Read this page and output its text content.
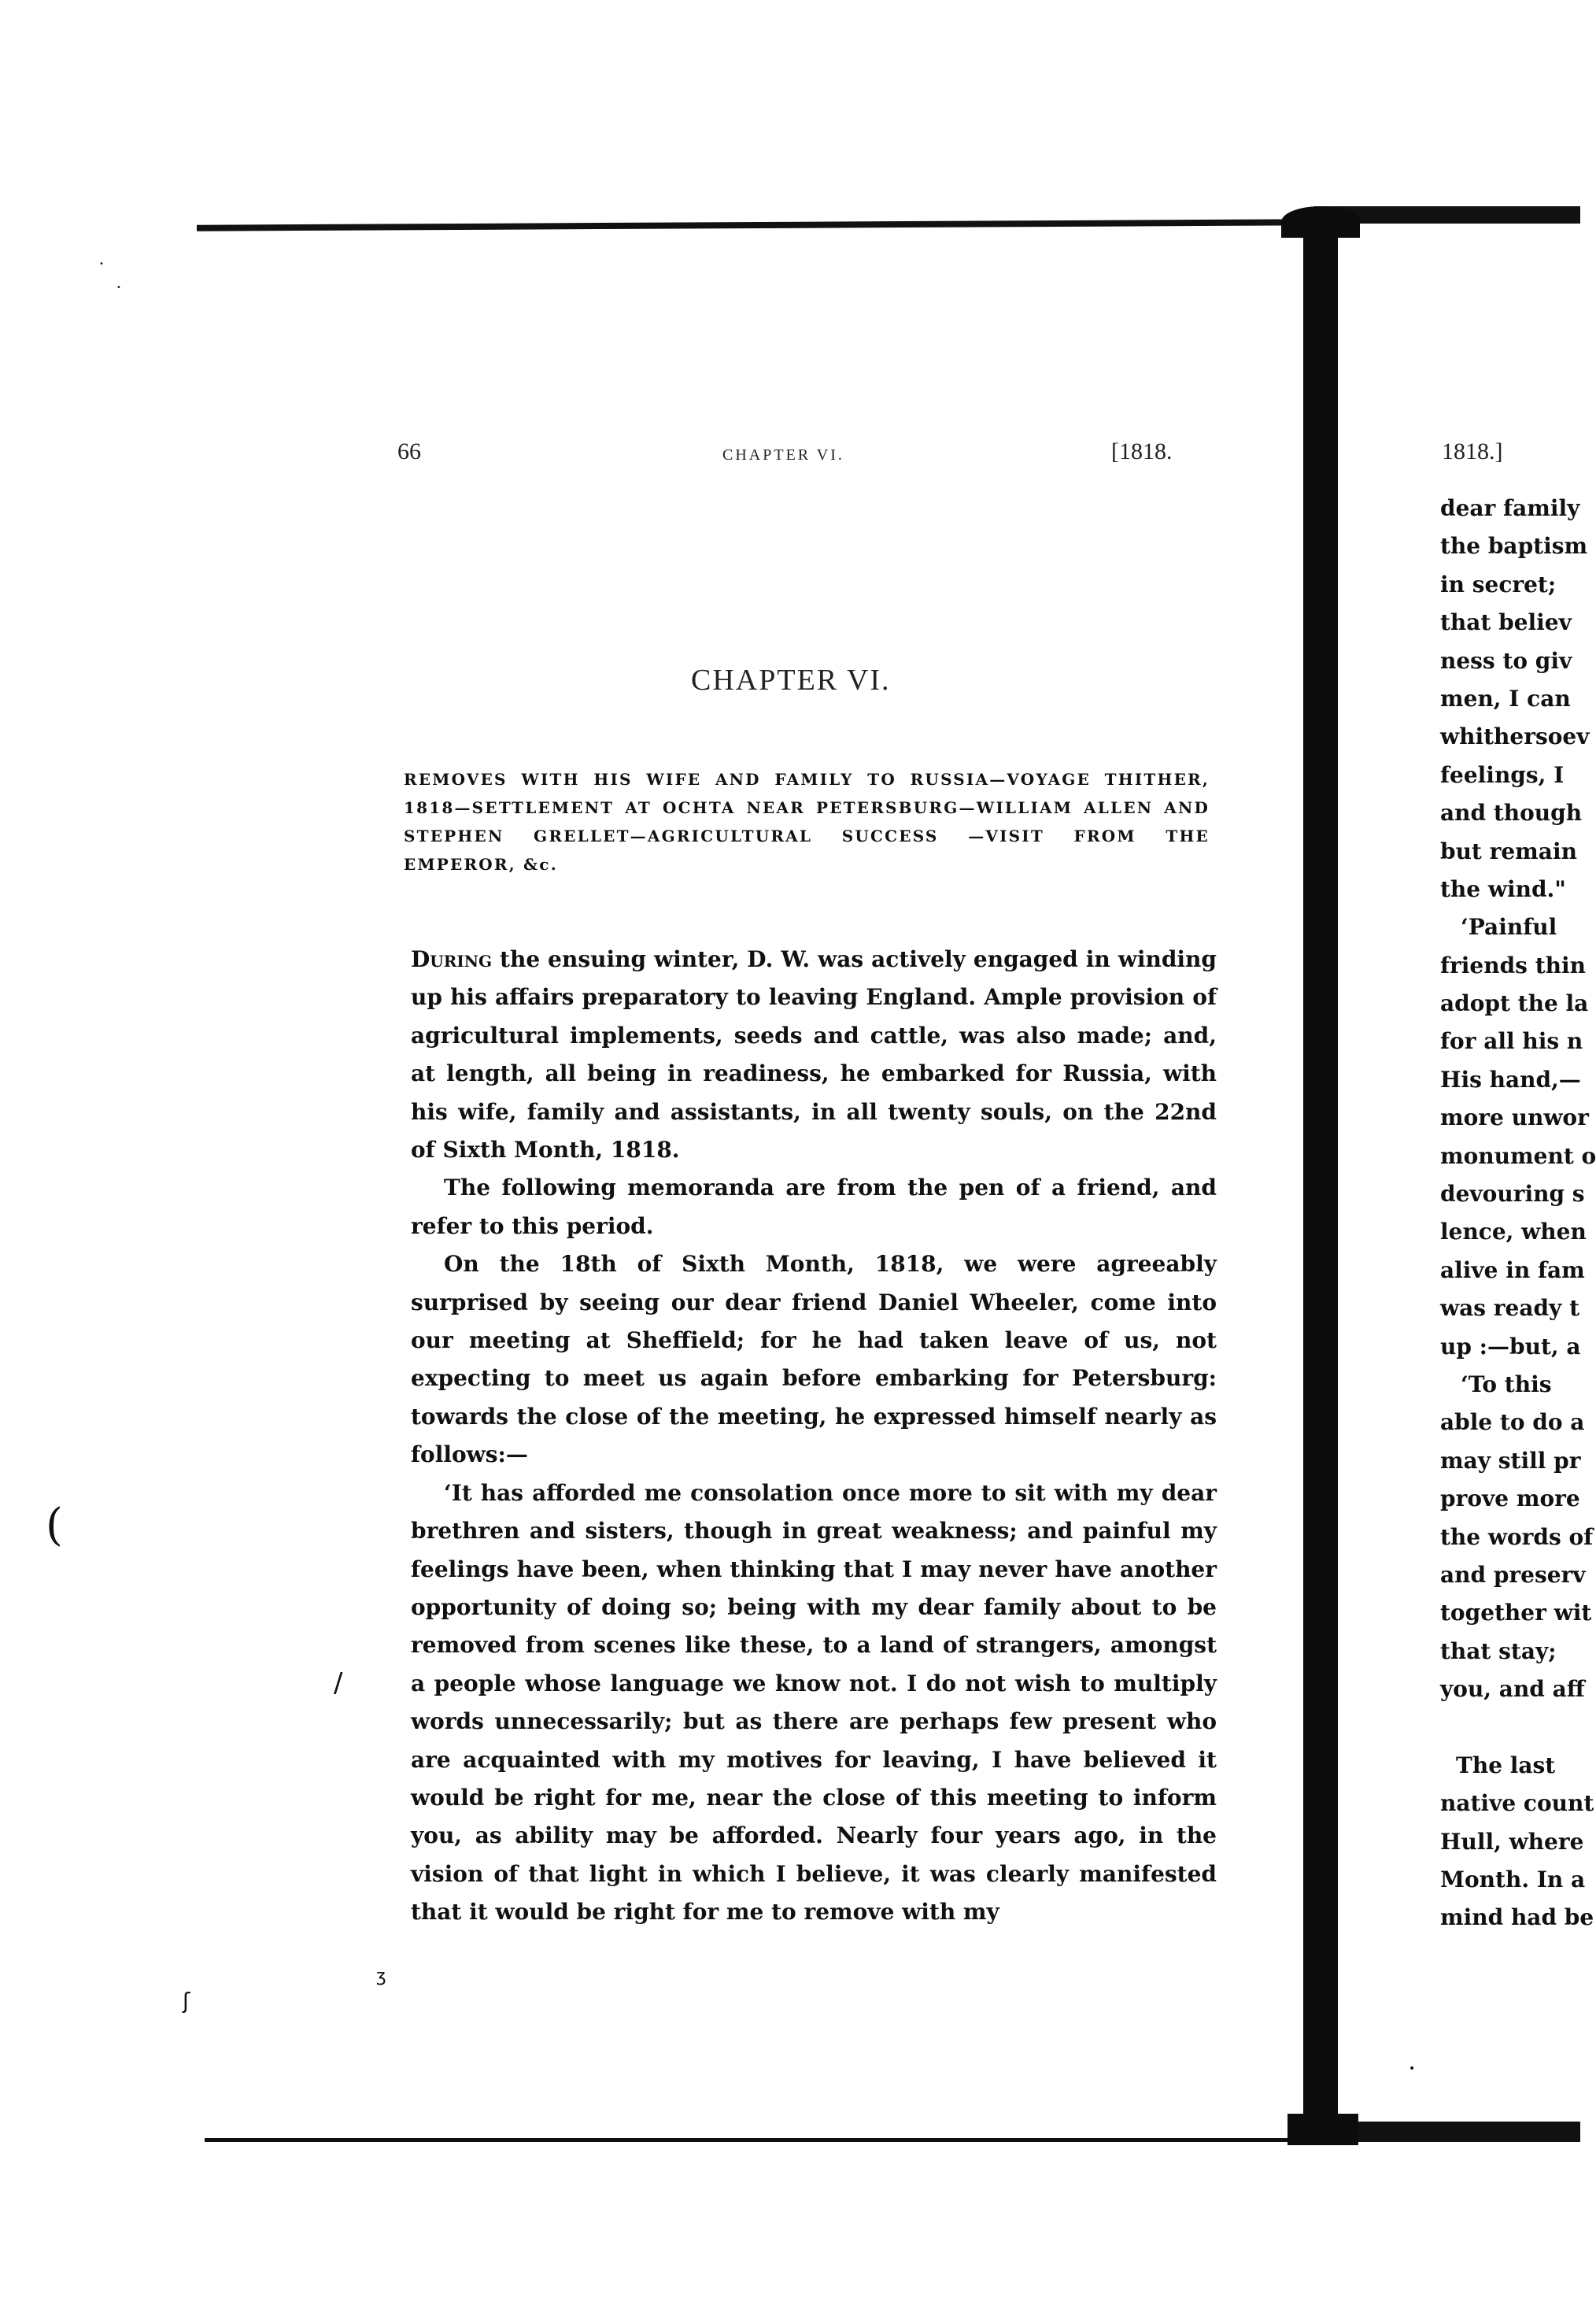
•
•
(
/
•
ʒ
ʃ
66	CHAPTER VI.	[1818.
CHAPTER VI.

REMOVES WITH HIS WIFE AND FAMILY TO RUSSIA—VOYAGE THITHER, 1818—SETTLEMENT AT OCHTA NEAR PETERSBURG—WILLIAM ALLEN AND STEPHEN GRELLET—AGRICULTURAL SUCCESS —VISIT FROM THE EMPEROR, &c.

During the ensuing winter, D. W. was actively engaged in winding up his affairs preparatory to leaving England. Ample provision of agricultural implements, seeds and cattle, was also made; and, at length, all being in readiness, he embarked for Russia, with his wife, family and assistants, in all twenty souls, on the 22nd of Sixth Month, 1818.

The following memoranda are from the pen of a friend, and refer to this period.

On the 18th of Sixth Month, 1818, we were agreeably surprised by seeing our dear friend Daniel Wheeler, come into our meeting at Sheffield; for he had taken leave of us, not expecting to meet us again before embarking for Petersburg: towards the close of the meeting, he expressed himself nearly as follows:—

‘It has afforded me consolation once more to sit with my dear brethren and sisters, though in great weakness; and painful my feelings have been, when thinking that I may never have another opportunity of doing so; being with my dear family about to be removed from scenes like these, to a land of strangers, amongst a people whose language we know not. I do not wish to multiply words unnecessarily; but as there are perhaps few present who are acquainted with my motives for leaving, I have believed it would be right for me, near the close of this meeting to inform you, as ability may be afforded. Nearly four years ago, in the vision of that light in which I believe, it was clearly manifested that it would be right for me to remove with my

1818.]
dear family
the baptism
in secret;
that believ
ness to giv
men, I can
whithersoev
feelings, I
and though
but remain
the wind."
‘Painful
friends thin
adopt the la
for all his n
His hand,—
more unwor
monument o
devouring s
lence, when
alive in fam
was ready t
up :—but, a
‘To this
able to do a
may still pr
prove more
the words of
and preserv
together wit
that stay;
you, and aff
The last
native count
Hull, where
Month. In a
mind had be
